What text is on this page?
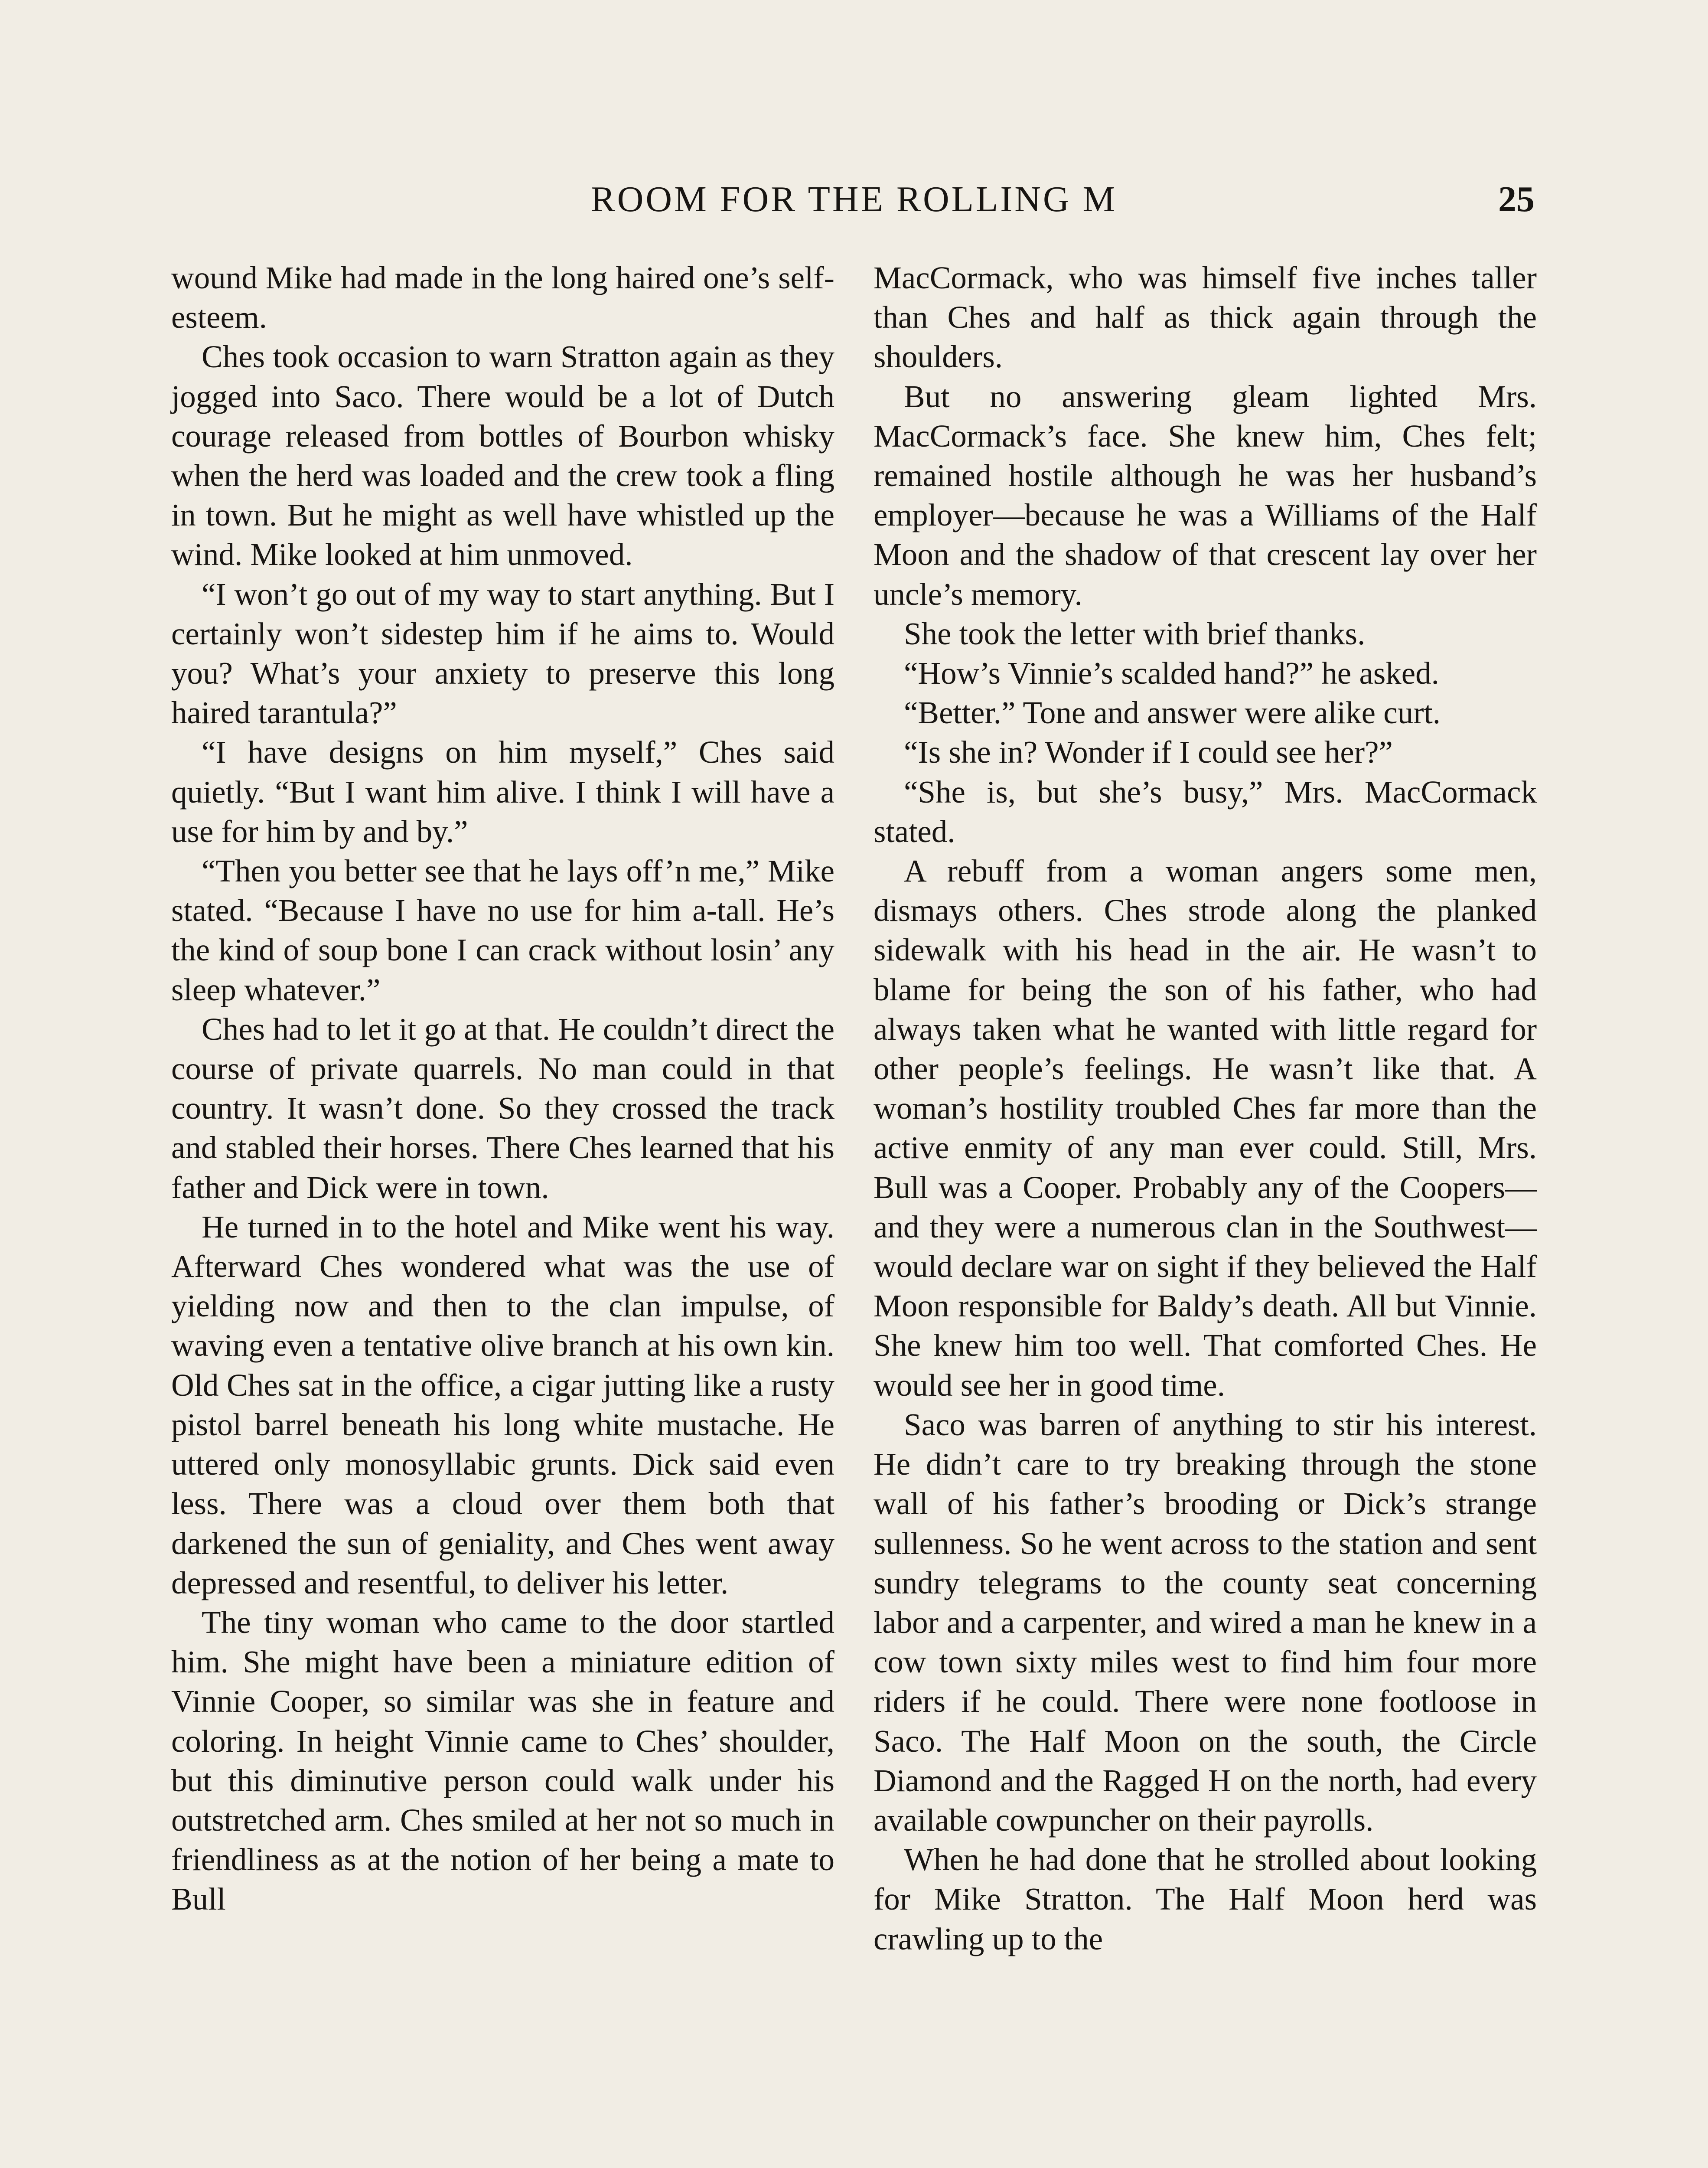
ROOM FOR THE ROLLING M	25

wound Mike had made in the long haired one’s self-esteem.

Ches took occasion to warn Stratton again as they jogged into Saco. There would be a lot of Dutch courage released from bottles of Bourbon whisky when the herd was loaded and the crew took a fling in town. But he might as well have whistled up the wind. Mike looked at him unmoved.

“I won’t go out of my way to start anything. But I certainly won’t sidestep him if he aims to. Would you? What’s your anxiety to preserve this long haired tarantula?”

“I have designs on him myself,” Ches said quietly. “But I want him alive. I think I will have a use for him by and by.”

“Then you better see that he lays off’n me,” Mike stated. “Because I have no use for him a-tall. He’s the kind of soup bone I can crack without losin’ any sleep whatever.”

Ches had to let it go at that. He couldn’t direct the course of private quarrels. No man could in that country. It wasn’t done. So they crossed the track and stabled their horses. There Ches learned that his father and Dick were in town.

He turned in to the hotel and Mike went his way. Afterward Ches wondered what was the use of yielding now and then to the clan impulse, of waving even a tentative olive branch at his own kin. Old Ches sat in the office, a cigar jutting like a rusty pistol barrel beneath his long white mustache. He uttered only monosyllabic grunts. Dick said even less. There was a cloud over them both that darkened the sun of geniality, and Ches went away depressed and resentful, to deliver his letter.

The tiny woman who came to the door startled him. She might have been a miniature edition of Vinnie Cooper, so similar was she in feature and coloring. In height Vinnie came to Ches’ shoulder, but this diminutive person could walk under his outstretched arm. Ches smiled at her not so much in friendliness as at the notion of her being a mate to Bull

MacCormack, who was himself five inches taller than Ches and half as thick again through the shoulders.

But no answering gleam lighted Mrs. MacCormack’s face. She knew him, Ches felt; remained hostile although he was her husband’s employer—because he was a Williams of the Half Moon and the shadow of that crescent lay over her uncle’s memory.

She took the letter with brief thanks.

“How’s Vinnie’s scalded hand?” he asked.

“Better.” Tone and answer were alike curt.

“Is she in? Wonder if I could see her?”

“She is, but she’s busy,” Mrs. MacCormack stated.

A rebuff from a woman angers some men, dismays others. Ches strode along the planked sidewalk with his head in the air. He wasn’t to blame for being the son of his father, who had always taken what he wanted with little regard for other people’s feelings. He wasn’t like that. A woman’s hostility troubled Ches far more than the active enmity of any man ever could. Still, Mrs. Bull was a Cooper. Probably any of the Coopers—and they were a numerous clan in the Southwest—would declare war on sight if they believed the Half Moon responsible for Baldy’s death. All but Vinnie. She knew him too well. That comforted Ches. He would see her in good time.

Saco was barren of anything to stir his interest. He didn’t care to try breaking through the stone wall of his father’s brooding or Dick’s strange sullenness. So he went across to the station and sent sundry telegrams to the county seat concerning labor and a carpenter, and wired a man he knew in a cow town sixty miles west to find him four more riders if he could. There were none footloose in Saco. The Half Moon on the south, the Circle Diamond and the Ragged H on the north, had every available cowpuncher on their payrolls.

When he had done that he strolled about looking for Mike Stratton. The Half Moon herd was crawling up to the
